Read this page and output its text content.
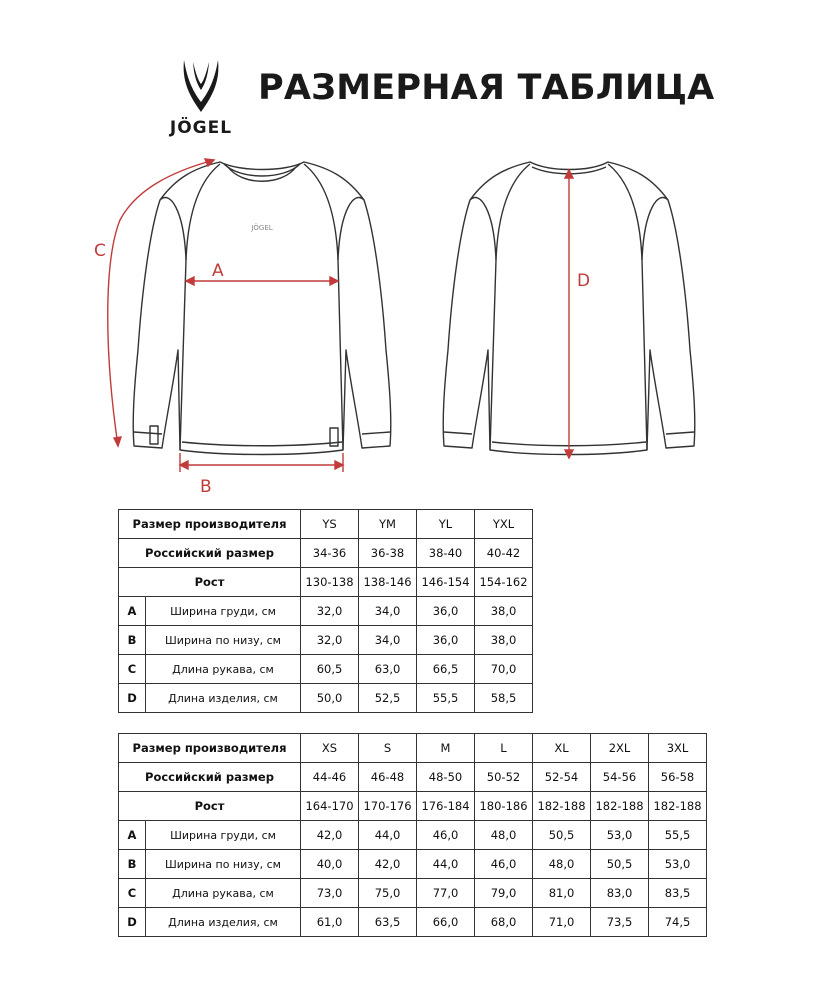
JÖGEL
РАЗМЕРНАЯ ТАБЛИЦА
JÖGEL
A
B
C
D
Размер производителя		YS	YM	YL	YXL
Российский размер		34-36	36-38	38-40	40-42
Рост		130-138	138-146	146-154	154-162
A	Ширина груди, см	32,0	34,0	36,0	38,0
B	Ширина по низу, см	32,0	34,0	36,0	38,0
C	Длина рукава, см	60,5	63,0	66,5	70,0
D	Длина изделия, см	50,0	52,5	55,5	58,5
Размер производителя		XS	S	M	L	XL	2XL	3XL
Российский размер		44-46	46-48	48-50	50-52	52-54	54-56	56-58
Рост		164-170	170-176	176-184	180-186	182-188	182-188	182-188
A	Ширина груди, см	42,0	44,0	46,0	48,0	50,5	53,0	55,5
B	Ширина по низу, см	40,0	42,0	44,0	46,0	48,0	50,5	53,0
C	Длина рукава, см	73,0	75,0	77,0	79,0	81,0	83,0	83,5
D	Длина изделия, см	61,0	63,5	66,0	68,0	71,0	73,5	74,5
